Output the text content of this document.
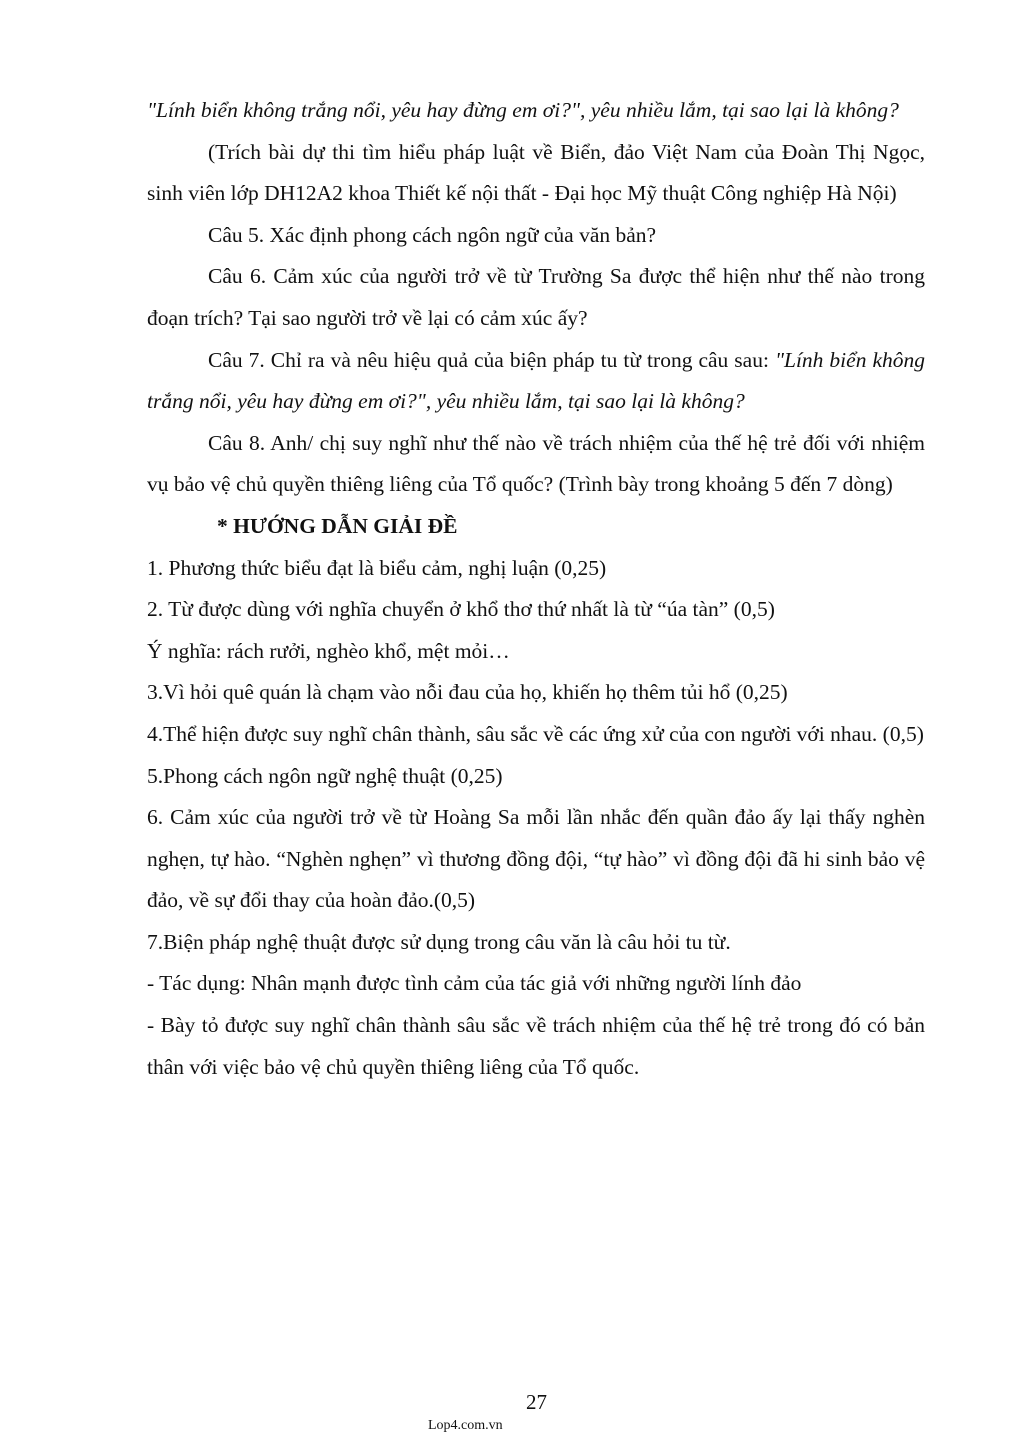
"Lính biển không trắng nổi, yêu hay đừng em ơi?", yêu nhiều lắm, tại sao lại là không?

(Trích bài dự thi tìm hiểu pháp luật về Biển, đảo Việt Nam của Đoàn Thị Ngọc, sinh viên lớp DH12A2 khoa Thiết kế nội thất - Đại học Mỹ thuật Công nghiệp Hà Nội)

Câu 5. Xác định phong cách ngôn ngữ của văn bản?

Câu 6. Cảm xúc của người trở về từ Trường Sa được thể hiện như thế nào trong đoạn trích? Tại sao người trở về lại có cảm xúc ấy?

Câu 7. Chỉ ra và nêu hiệu quả của biện pháp tu từ trong câu sau: "Lính biển không trắng nổi, yêu hay đừng em ơi?", yêu nhiều lắm, tại sao lại là không?

Câu 8. Anh/ chị suy nghĩ như thế nào về trách nhiệm của thế hệ trẻ đối với nhiệm vụ bảo vệ chủ quyền thiêng liêng của Tổ quốc? (Trình bày trong khoảng 5 đến 7 dòng)

* HƯỚNG DẪN GIẢI ĐỀ

1. Phương thức biểu đạt là biểu cảm, nghị luận (0,25)

2. Từ được dùng với nghĩa chuyển ở khổ thơ thứ nhất là từ “úa tàn” (0,5)

Ý nghĩa: rách rưởi, nghèo khổ, mệt mỏi…

3.Vì hỏi quê quán là chạm vào nỗi đau của họ, khiến họ thêm tủi hổ (0,25)

4.Thể hiện được suy nghĩ chân thành, sâu sắc về các ứng xử của con người với nhau. (0,5)

5.Phong cách ngôn ngữ nghệ thuật (0,25)

6. Cảm xúc của người trở về từ Hoàng Sa mỗi lần nhắc đến quần đảo ấy lại thấy nghèn nghẹn, tự hào. “Nghèn nghẹn” vì thương đồng đội, “tự hào” vì đồng đội đã hi sinh bảo vệ đảo, về sự đổi thay của hoàn đảo.(0,5)

7.Biện pháp nghệ thuật được sử dụng trong câu văn là câu hỏi tu từ.

- Tác dụng: Nhân mạnh được tình cảm của tác giả với những người lính đảo

- Bày tỏ được suy nghĩ chân thành sâu sắc về trách nhiệm của thế hệ trẻ trong đó có bản thân với việc bảo vệ chủ quyền thiêng liêng của Tổ quốc.

27
Lop4.com.vn
